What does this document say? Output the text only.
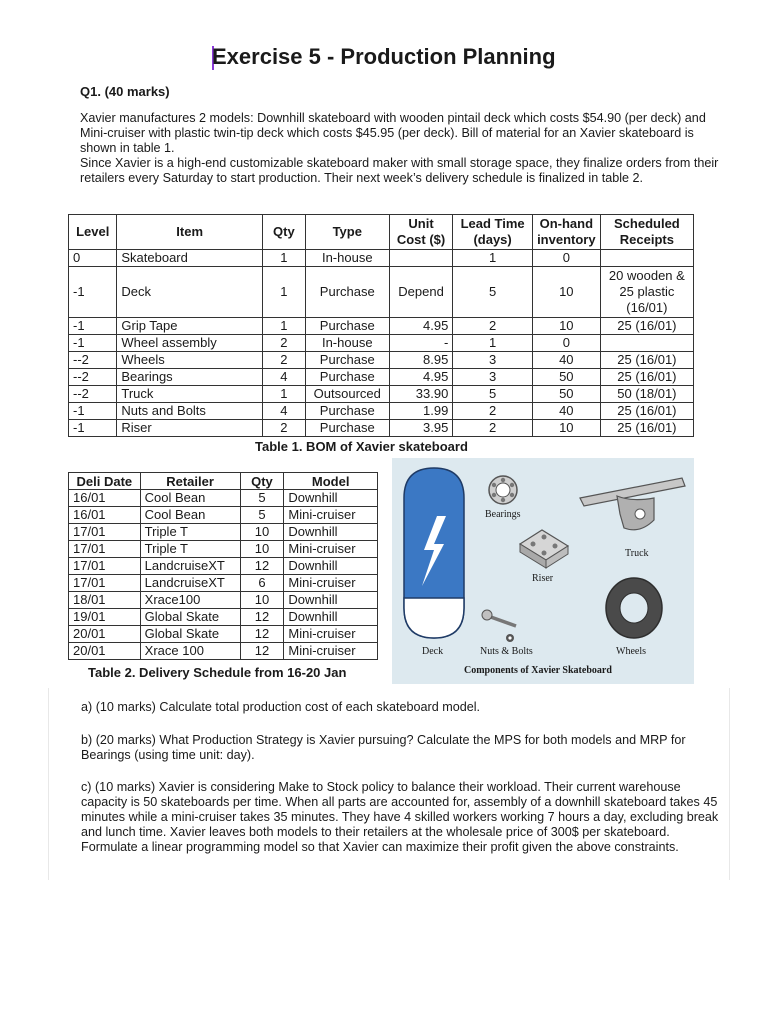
Exercise 5 - Production Planning
Q1. (40 marks)

Xavier manufactures 2 models: Downhill skateboard with wooden pintail deck which costs $54.90 (per deck) and Mini-cruiser with plastic twin-tip deck which costs $45.95 (per deck). Bill of material for an Xavier skateboard is shown in table 1.

Since Xavier is a high-end customizable skateboard maker with small storage space, they finalize orders from their retailers every Saturday to start production. Their next week’s delivery schedule is finalized in table 2.

Level	Item	Qty	Type	Unit Cost ($)	Lead Time (days)	On-hand inventory	Scheduled Receipts
0	Skateboard	1	In-house		1	0	
-1	Deck	1	Purchase	Depend	5	10	20 wooden & 25 plastic (16/01)
-1	Grip Tape	1	Purchase	4.95	2	10	25 (16/01)
-1	Wheel assembly	2	In-house	-	1	0	
--2	Wheels	2	Purchase	8.95	3	40	25 (16/01)
--2	Bearings	4	Purchase	4.95	3	50	25 (16/01)
--2	Truck	1	Outsourced	33.90	5	50	50 (18/01)
-1	Nuts and Bolts	4	Purchase	1.99	2	40	25 (16/01)
-1	Riser	2	Purchase	3.95	2	10	25 (16/01)
Table 1. BOM of Xavier skateboard
Deli Date	Retailer	Qty	Model
16/01	Cool Bean	5	Downhill
16/01	Cool Bean	5	Mini-cruiser
17/01	Triple T	10	Downhill
17/01	Triple T	10	Mini-cruiser
17/01	LandcruiseXT	12	Downhill
17/01	LandcruiseXT	6	Mini-cruiser
18/01	Xrace100	10	Downhill
19/01	Global Skate	12	Downhill
20/01	Global Skate	12	Mini-cruiser
20/01	Xrace 100	12	Mini-cruiser
Table 2. Delivery Schedule from 16-20 Jan
Deck
Bearings
Truck
Riser
Nuts & Bolts	Wheels
Components of Xavier Skateboard

a) (10 marks) Calculate total production cost of each skateboard model.

b) (20 marks) What Production Strategy is Xavier pursuing? Calculate the MPS for both models and MRP for Bearings (using time unit: day).

c) (10 marks) Xavier is considering Make to Stock policy to balance their workload. Their current warehouse capacity is 50 skateboards per time. When all parts are accounted for, assembly of a downhill skateboard takes 45 minutes while a mini-cruiser takes 35 minutes. They have 4 skilled workers working 7 hours a day, excluding break and lunch time. Xavier leaves both models to their retailers at the wholesale price of 300$ per skateboard. Formulate a linear programming model so that Xavier can maximize their profit given the above constraints.
